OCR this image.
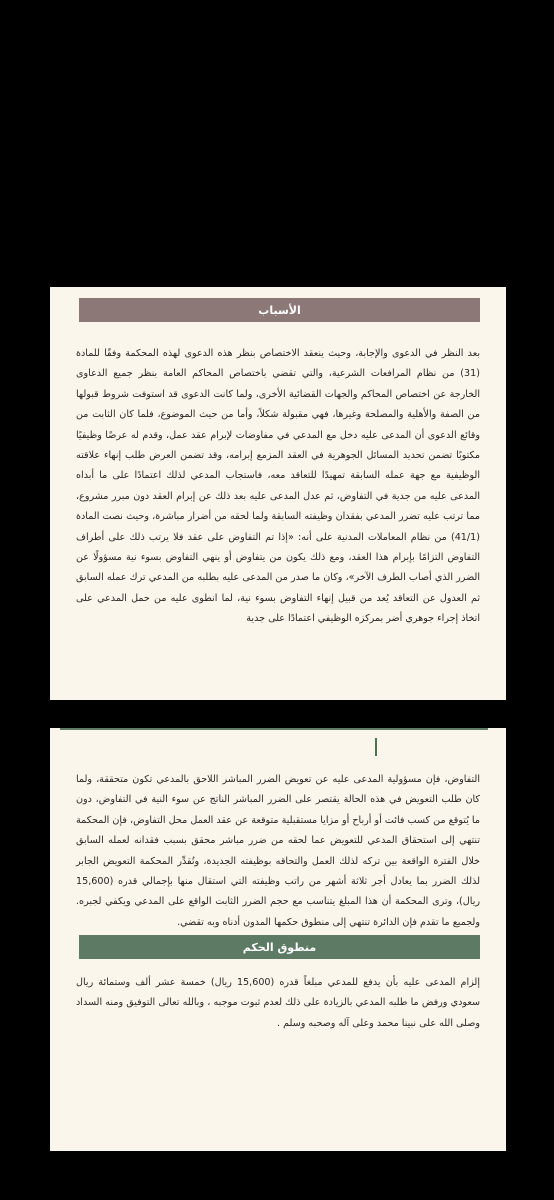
الأسباب

بعد النظر في الدعوى والإجابة، وحيث ينعقد الاختصاص بنظر هذه الدعوى لهذه المحكمة وفقًا للمادة (31) من نظام المرافعات الشرعية، والتي تقضي باختصاص المحاكم العامة بنظر جميع الدعاوى الخارجة عن اختصاص المحاكم والجهات القضائية الأخرى، ولما كانت الدعوى قد استوفت شروط قبولها من الصفة والأهلية والمصلحة وغيرها، فهي مقبولة شكلاً، وأما من حيث الموضوع، فلما كان الثابت من وقائع الدعوى أن المدعى عليه دخل مع المدعي في مفاوضات لإبرام عقد عمل، وقدم له عرضًا وظيفيًا مكتوبًا تضمن تحديد المسائل الجوهرية في العقد المزمع إبرامه، وقد تضمن العرض طلب إنهاء علاقته الوظيفية مع جهة عمله السابقة تمهيدًا للتعاقد معه، فاستجاب المدعي لذلك اعتمادًا على ما أبداه المدعى عليه من جدية في التفاوض، ثم عدل المدعى عليه بعد ذلك عن إبرام العقد دون مبرر مشروع، مما ترتب عليه تضرر المدعي بفقدان وظيفته السابقة ولما لحقه من أضرار مباشرة، وحيث نصت المادة (41/1) من نظام المعاملات المدنية على أنه: «إذا تم التفاوض على عقد فلا يرتب ذلك على أطراف التفاوض التزامًا بإبرام هذا العقد، ومع ذلك يكون من يتفاوض أو ينهي التفاوض بسوء نية مسؤولًا عن الضرر الذي أصاب الطرف الآخر»، وكان ما صدر من المدعى عليه بطلبه من المدعي ترك عمله السابق ثم العدول عن التعاقد يُعد من قبيل إنهاء التفاوض بسوء نية، لما انطوى عليه من حمل المدعي على اتخاذ إجراء جوهري أضر بمركزه الوظيفي اعتمادًا على جدية

التفاوض، فإن مسؤولية المدعى عليه عن تعويض الضرر المباشر اللاحق بالمدعي تكون متحققة، ولما كان طلب التعويض في هذه الحالة يقتصر على الضرر المباشر الناتج عن سوء النية في التفاوض، دون ما يُتوقع من كسب فائت أو أرباح أو مزايا مستقبلية متوقعة عن عقد العمل محل التفاوض، فإن المحكمة تنتهي إلى استحقاق المدعي للتعويض عما لحقه من ضرر مباشر محقق بسبب فقدانه لعمله السابق خلال الفترة الواقعة بين تركه لذلك العمل والتحاقه بوظيفته الجديدة، وتُقدِّر المحكمة التعويض الجابر لذلك الضرر بما يعادل أجر ثلاثة أشهر من راتب وظيفته التي استقال منها بإجمالي قدره (15,600 ريال)، وترى المحكمة أن هذا المبلغ يتناسب مع حجم الضرر الثابت الواقع على المدعي ويكفي لجبره. ولجميع ما تقدم فإن الدائرة تنتهي إلى منطوق حكمها المدون أدناه وبه تقضي.

منطوق الحكم

إلزام المدعى عليه بأن يدفع للمدعي مبلغاً قدره (15,600 ريال) خمسة عشر ألف وستمائة ريال سعودي ورفض ما طلبه المدعي بالزيادة على ذلك لعدم ثبوت موجبه ، وبالله تعالى التوفيق ومنه السداد وصلى الله على نبينا محمد وعلى آله وصحبه وسلم .
